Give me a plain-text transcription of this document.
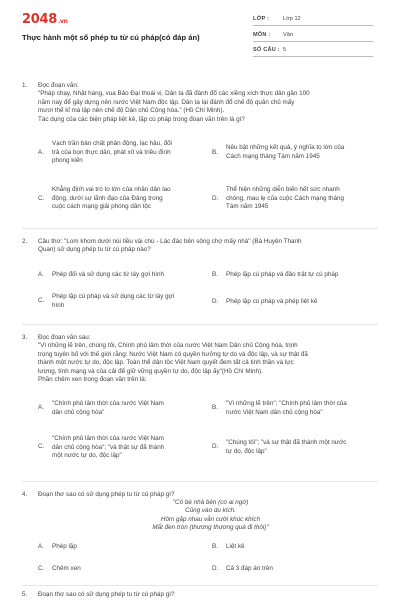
2048.vn
Thực hành một số phép tu từ cú pháp(có đáp án)
LỚP : Lớp 12
MÔN : Văn
SỐ CÂU : 5
1. Đọc đoạn văn:
"Pháp chạy, Nhật hàng, vua Bảo Đại thoái vị. Dân ta đã đánh đổ các xiềng xích thực dân gần 100
năm nay để gây dựng nên nước Việt Nam độc lập. Dân ta lại đánh đổ chế độ quân chủ mấy
mươi thế kỉ mà lập nên chế độ Dân chủ Cộng hòa." (Hồ Chí Minh).
Tác dụng của các biện pháp liệt kê, lặp cú pháp trong đoạn văn trên là gì?
A.
Vạch trần bản chất phản động, lạc hậu, đối
trả của bọn thực dân, phát xít và triều đình
phong kiến
B.
Nêu bật những kết quả, ý nghĩa to lớn của
Cách mạng tháng Tám năm 1945
C.
Khẳng định vai trò to lớn của nhân dân lao
động, dưới sự lãnh đạo của Đảng trong
cuộc cách mạng giải phóng dân tộc
D.
Thể hiện những diễn biến hết sức nhanh
chóng, mau lẹ của cuộc Cách mạng tháng
Tám năm 1945
2. Câu thơ: "Lom khom dưới núi tiều vài chú - Lác đác bên sông chợ mấy nhà" (Bà Huyện Thanh
Quan) sử dụng phép tu từ cú pháp nào?
A. Phép đối và sử dụng các từ láy gợi hình	B. Phép lặp cú pháp và đảo trật tự cú pháp
C.
Phép lặp cú pháp và sử dụng các từ láy gợi
hình
D. Phép lặp cú pháp và phép liệt kê
3. Đọc đoạn văn sau:
"Vì những lẽ trên, chúng tôi, Chính phủ lâm thời của nước Việt Nam Dân chủ Cộng hòa, trịnh
trọng tuyên bố với thế giới rằng: Nước Việt Nam có quyền hưởng tự do và độc lập, và sự thật đã
thành một nước tự do, độc lập. Toàn thể dân tộc Việt Nam quyết đem tất cả tinh thần và lực
lượng, tính mạng và của cải để giữ vững quyền tự do, độc lập ấy"(Hồ Chí Minh).
Phần chêm xen trong đoạn văn trên là:
A.
"Chính phủ lâm thời của nước Việt Nam
dân chủ cộng hòa"
B.
"Vì những lẽ trên"; "Chính phủ lâm thời của
nước Việt Nam dân chủ cộng hòa"
C.
"Chính phủ lâm thời của nước Việt Nam
dân chủ cộng hòa"; "và thật sự đã thành
một nước tự do, độc lập"
D.
"Chúng tôi"; "và sự thật đã thành một nước
tự do, độc lập"
4. Đoạn thơ sau có sử dụng phép tu từ cú pháp gì?
"Có bé nhà bên (có ai ngờ)
Cũng vào du kích.
Hôm gặp nhau vẫn cười khúc khích
Mắt đen tròn (thương thương quá đi thôi)"
A. Phép lặp	B. Liệt kê
C. Chêm xen	D. Cả 3 đáp án trên
5. Đoạn thơ sau có sử dụng phép tu từ cú pháp gì?
